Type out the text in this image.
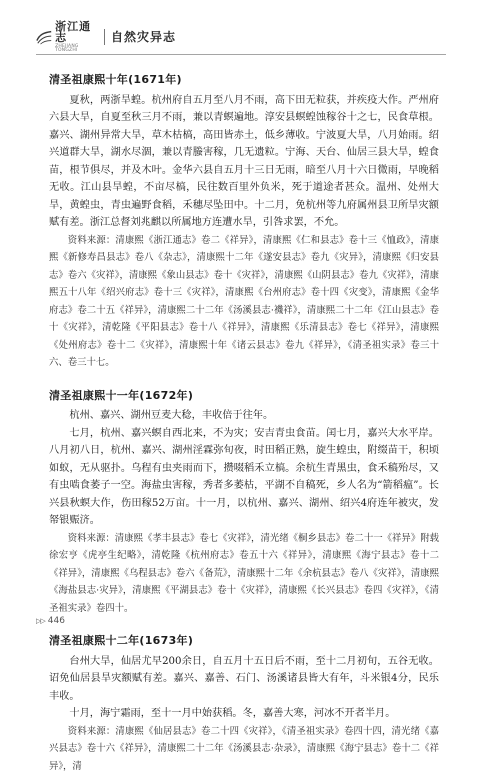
浙江通志
ZHEJIANG TONGZHI
自然灾异志
清圣祖康熙十年(1671年)

夏秋，两浙旱蝗。杭州府自五月至八月不雨，高下田无粒获，并疾疫大作。严州府六县大旱，自夏至秋三月不雨，兼以青螟遍地。淳安县螟蝗蚀稼谷十之七，民食草根。嘉兴、湖州异常大旱，草木枯槁，高田皆赤土，低乡薄收。宁波夏大旱，八月始雨。绍兴道群大旱，湖水尽涸，兼以青螣害稼，几无遗粒。宁海、天台、仙居三县大旱，蝗食苗，根节俱尽，并及木叶。金华六县自五月十三日无雨，暗至八月十六日微雨，早晚稻无收。江山县旱蝗，不亩尽槁，民往数百里外负米，死于道途者甚众。温州、处州大旱，黄蝗虫，青虫遍野食稻，禾穗尽坠田中。十二月，免杭州等九府属州县卫所旱灾额赋有差。浙江总督刘兆麒以所属地方连遭水旱，引咎求罢，不允。

资料来源：清康熙《浙江通志》卷二《祥异》，清康熙《仁和县志》卷十三《恤政》，清康熙《新修寿昌县志》卷八《杂志》，清康熙十二年《遂安县志》卷九《灾异》，清康熙《归安县志》卷六《灾祥》，清康熙《象山县志》卷十《灾祥》，清康熙《山阴县志》卷九《灾祥》，清康熙五十八年《绍兴府志》卷十三《灾祥》，清康熙《台州府志》卷十四《灾变》，清康熙《金华府志》卷二十五《祥异》，清康熙二十二年《汤溪县志·禨祥》，清康熙二十二年《江山县志》卷十《灾祥》，清乾隆《平阳县志》卷十八《祥异》，清康熙《乐清县志》卷七《祥异》，清康熙《处州府志》卷十二《灾祥》，清康熙十年《诸云县志》卷九《祥异》，《清圣祖实录》卷三十六、卷三十七。

清圣祖康熙十一年(1672年)

杭州、嘉兴、湖州豆麦大稔，丰收倍于往年。

七月，杭州、嘉兴螟自西北来，不为灾；安吉青虫食苗。闰七月，嘉兴大水平岸。八月初八日，杭州、嘉兴、湖州淫霖弥旬夜，时田稻正熟，旋生蝗虫，附缀苗干，积顷如蚁，无从驱扑。乌程有虫夹雨而下，攒啜稻禾立槁。余杭生青黑虫，食禾稿殆尽，又有虫啮食萎子一空。海盐虫害稼，秀者多萎枯，平湖不自稿死，乡人名为“箭稻瘟”。长兴县秋螟大作，伤田稼52万亩。十一月，以杭州、嘉兴、湖州、绍兴4府连年被灾，发帑银赈济。

资料来源：清康熙《孝丰县志》卷七《灾祥》，清光绪《桐乡县志》卷二十一《祥异》附载徐宏亨《虎亭生纪略》，清乾隆《杭州府志》卷五十六《祥异》，清康熙《海宁县志》卷十二《祥异》，清康熙《乌程县志》卷六《备荒》，清康熙十二年《余杭县志》卷八《灾祥》，清康熙《海盐县志·灾异》，清康熙《平湖县志》卷十《灾祥》，清康熙《长兴县志》卷四《灾祥》，《清圣祖实录》卷四十。

清圣祖康熙十二年(1673年)

台州大旱，仙居尤早200余日，自五月十五日后不雨，至十二月初旬，五谷无收。诏免仙居县旱灾额赋有差。嘉兴、嘉善、石门、汤溪诸县皆大有年，斗米银4分，民乐丰收。

十月，海宁霜雨，至十一月中始获稻。冬，嘉善大寒，河冰不开者半月。

资料来源：清康熙《仙居县志》卷二十四《灾祥》，《清圣祖实录》卷四十四，清光绪《嘉兴县志》卷十六《祥异》，清康熙二十二年《汤溪县志·杂录》，清康熙《海宁县志》卷十二《祥异》，清

▷▷ 446
